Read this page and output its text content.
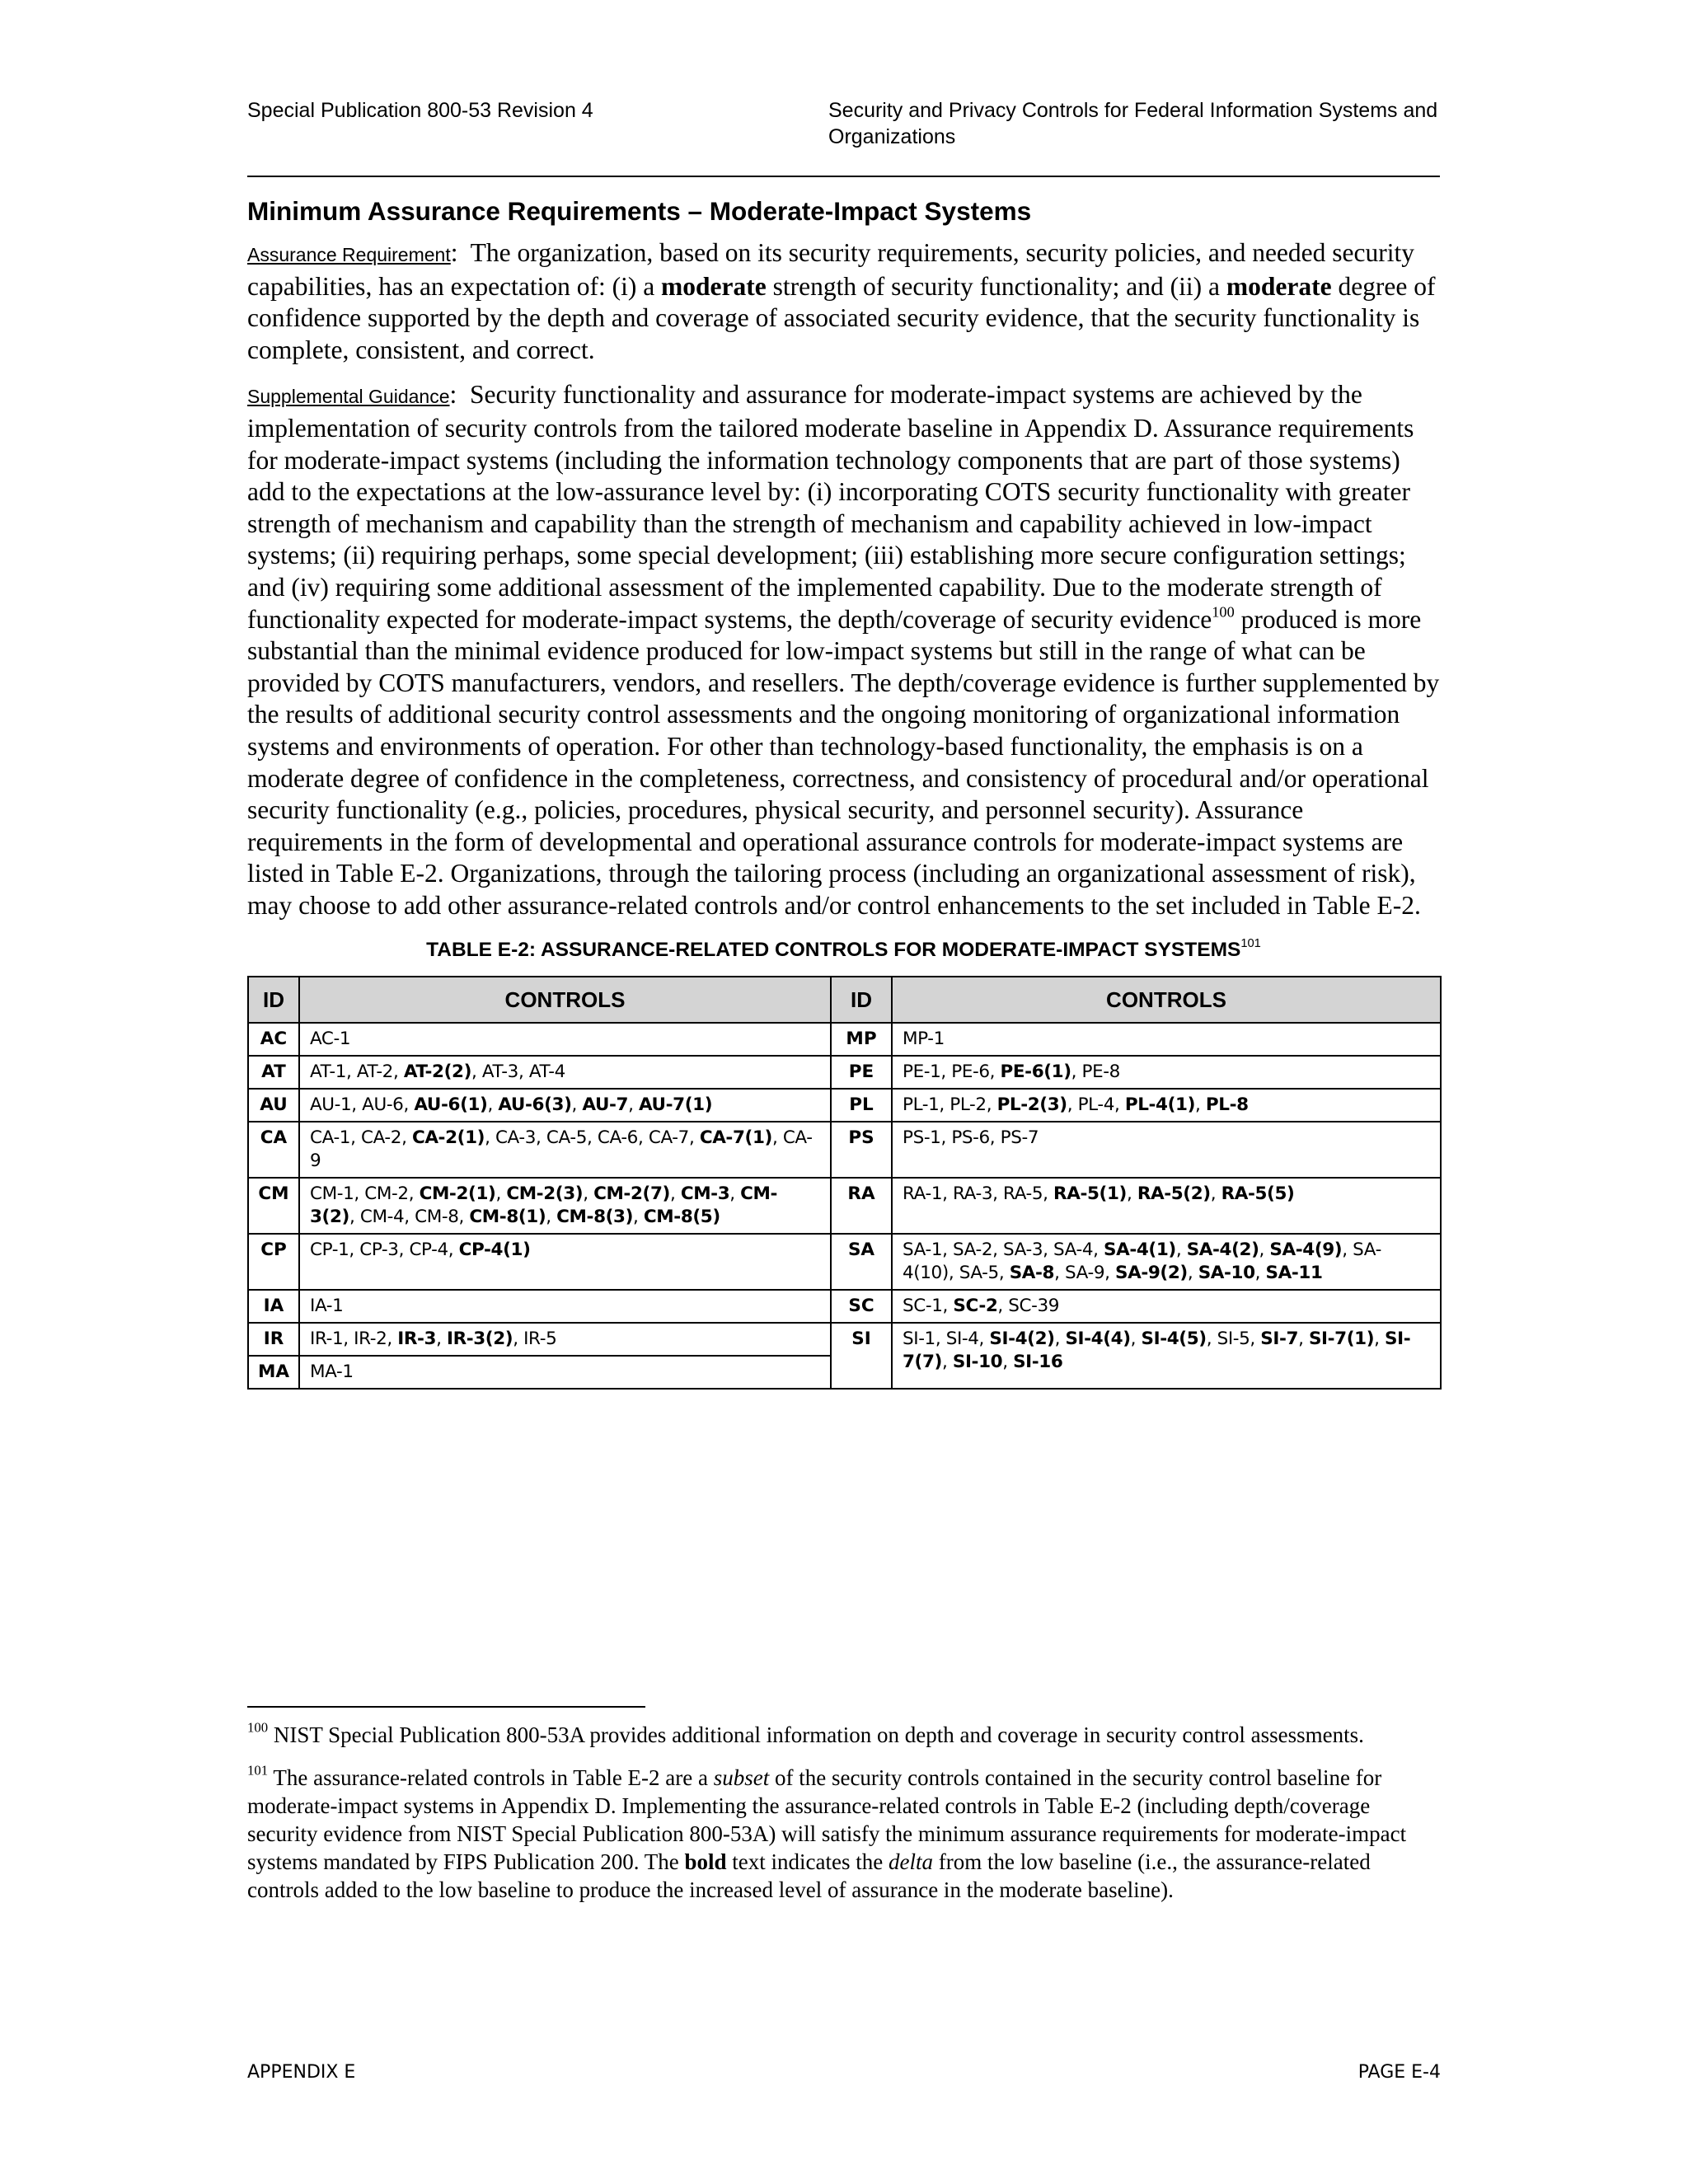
Special Publication 800-53 Revision 4	Security and Privacy Controls for Federal Information Systems and Organizations
Minimum Assurance Requirements – Moderate-Impact Systems

Assurance Requirement:  The organization, based on its security requirements, security policies, and needed security capabilities, has an expectation of: (i) a moderate strength of security functionality; and (ii) a moderate degree of confidence supported by the depth and coverage of associated security evidence, that the security functionality is complete, consistent, and correct.

Supplemental Guidance:  Security functionality and assurance for moderate-impact systems are achieved by the implementation of security controls from the tailored moderate baseline in Appendix D. Assurance requirements for moderate-impact systems (including the information technology components that are part of those systems) add to the expectations at the low-assurance level by: (i) incorporating COTS security functionality with greater strength of mechanism and capability than the strength of mechanism and capability achieved in low-impact systems; (ii) requiring perhaps, some special development; (iii) establishing more secure configuration settings; and (iv) requiring some additional assessment of the implemented capability. Due to the moderate strength of functionality expected for moderate-impact systems, the depth/coverage of security evidence$^{100}$ produced is more substantial than the minimal evidence produced for low-impact systems but still in the range of what can be provided by COTS manufacturers, vendors, and resellers. The depth/coverage evidence is further supplemented by the results of additional security control assessments and the ongoing monitoring of organizational information systems and environments of operation. For other than technology-based functionality, the emphasis is on a moderate degree of confidence in the completeness, correctness, and consistency of procedural and/or operational security functionality (e.g., policies, procedures, physical security, and personnel security). Assurance requirements in the form of developmental and operational assurance controls for moderate-impact systems are listed in Table E-2. Organizations, through the tailoring process (including an organizational assessment of risk), may choose to add other assurance-related controls and/or control enhancements to the set included in Table E-2.

TABLE E-2: ASSURANCE-RELATED CONTROLS FOR MODERATE-IMPACT SYSTEMS$^{101}$
ID	CONTROLS	ID	CONTROLS
AC	AC-1	MP	MP-1
AT	AT-1, AT-2, AT-2(2), AT-3, AT-4	PE	PE-1, PE-6, PE-6(1), PE-8
AU	AU-1, AU-6, AU-6(1), AU-6(3), AU-7, AU-7(1)	PL	PL-1, PL-2, PL-2(3), PL-4, PL-4(1), PL-8
CA	CA-1, CA-2, CA-2(1), CA-3, CA-5, CA-6, CA-7, CA-7(1), CA-9	PS	PS-1, PS-6, PS-7
CM	CM-1, CM-2, CM-2(1), CM-2(3), CM-2(7), CM-3, CM-3(2), CM-4, CM-8, CM-8(1), CM-8(3), CM-8(5)	RA	RA-1, RA-3, RA-5, RA-5(1), RA-5(2), RA-5(5)
CP	CP-1, CP-3, CP-4, CP-4(1)	SA	SA-1, SA-2, SA-3, SA-4, SA-4(1), SA-4(2), SA-4(9), SA-4(10), SA-5, SA-8, SA-9, SA-9(2), SA-10, SA-11
IA	IA-1	SC	SC-1, SC-2, SC-39
IR	IR-1, IR-2, IR-3, IR-3(2), IR-5	SI	SI-1, SI-4, SI-4(2), SI-4(4), SI-4(5), SI-5, SI-7, SI-7(1), SI-7(7), SI-10, SI-16
MA	MA-1		

$^{100}$ NIST Special Publication 800-53A provides additional information on depth and coverage in security control assessments.

$^{101}$ The assurance-related controls in Table E-2 are a subset of the security controls contained in the security control baseline for moderate-impact systems in Appendix D. Implementing the assurance-related controls in Table E-2 (including depth/coverage security evidence from NIST Special Publication 800-53A) will satisfy the minimum assurance requirements for moderate-impact systems mandated by FIPS Publication 200. The bold text indicates the delta from the low baseline (i.e., the assurance-related controls added to the low baseline to produce the increased level of assurance in the moderate baseline).

APPENDIX E	PAGE E-4
